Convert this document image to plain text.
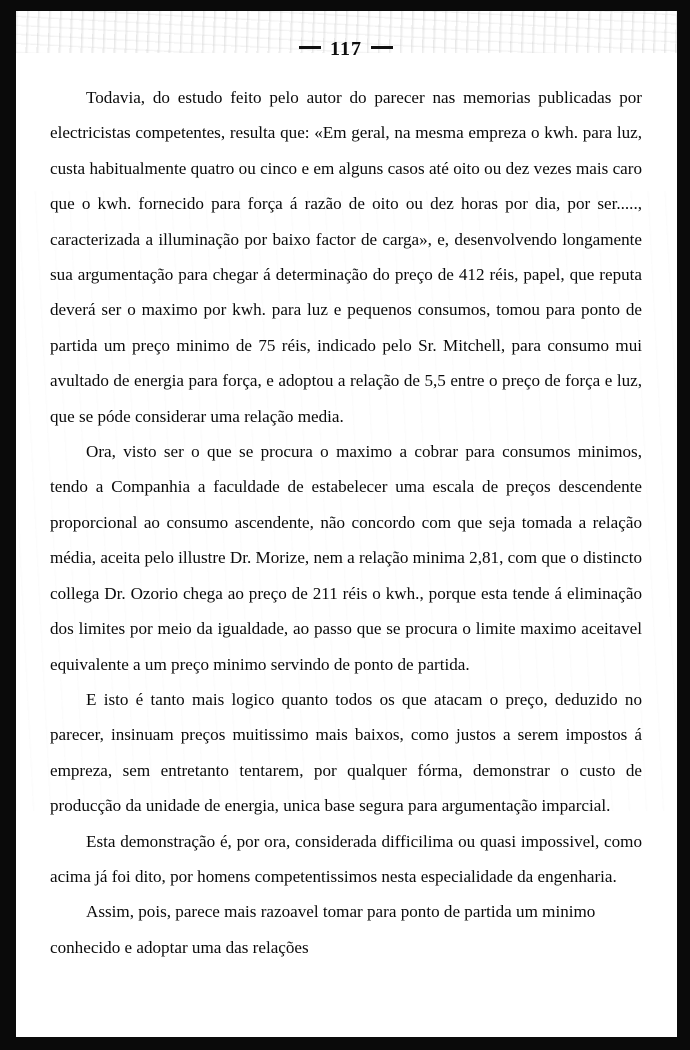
117

Todavia, do estudo feito pelo autor do parecer nas memorias publicadas por electricistas competentes, resulta que: «Em geral, na mesma empreza o kwh. para luz, custa habitualmente quatro ou cinco e em alguns casos até oito ou dez vezes mais caro que o kwh. fornecido para força á razão de oito ou dez horas por dia, por ser....., caracterizada a illuminação por baixo factor de carga», e, desenvolvendo longamente sua argumentação para chegar á determinação do preço de 412 réis, papel, que reputa deverá ser o maximo por kwh. para luz e pequenos consumos, tomou para ponto de partida um preço minimo de 75 réis, indicado pelo Sr. Mitchell, para consumo mui avultado de energia para força, e adoptou a relação de 5,5 entre o preço de força e luz, que se póde considerar uma relação media.

Ora, visto ser o que se procura o maximo a cobrar para consumos minimos, tendo a Companhia a faculdade de estabelecer uma escala de preços descendente proporcional ao consumo ascendente, não concordo com que seja tomada a relação média, aceita pelo illustre Dr. Morize, nem a relação minima 2,81, com que o distincto collega Dr. Ozorio chega ao preço de 211 réis o kwh., porque esta tende á eliminação dos limites por meio da igualdade, ao passo que se procura o limite maximo aceitavel equivalente a um preço minimo servindo de ponto de partida.

E isto é tanto mais logico quanto todos os que atacam o preço, deduzido no parecer, insinuam preços muitissimo mais baixos, como justos a serem impostos á empreza, sem entretanto tentarem, por qualquer fórma, demonstrar o custo de producção da unidade de energia, unica base segura para argumentação imparcial.

Esta demonstração é, por ora, considerada difficilima ou quasi impossivel, como acima já foi dito, por homens competentissimos nesta especialidade da engenharia.

Assim, pois, parece mais razoavel tomar para ponto de partida um minimo conhecido e adoptar uma das relações
